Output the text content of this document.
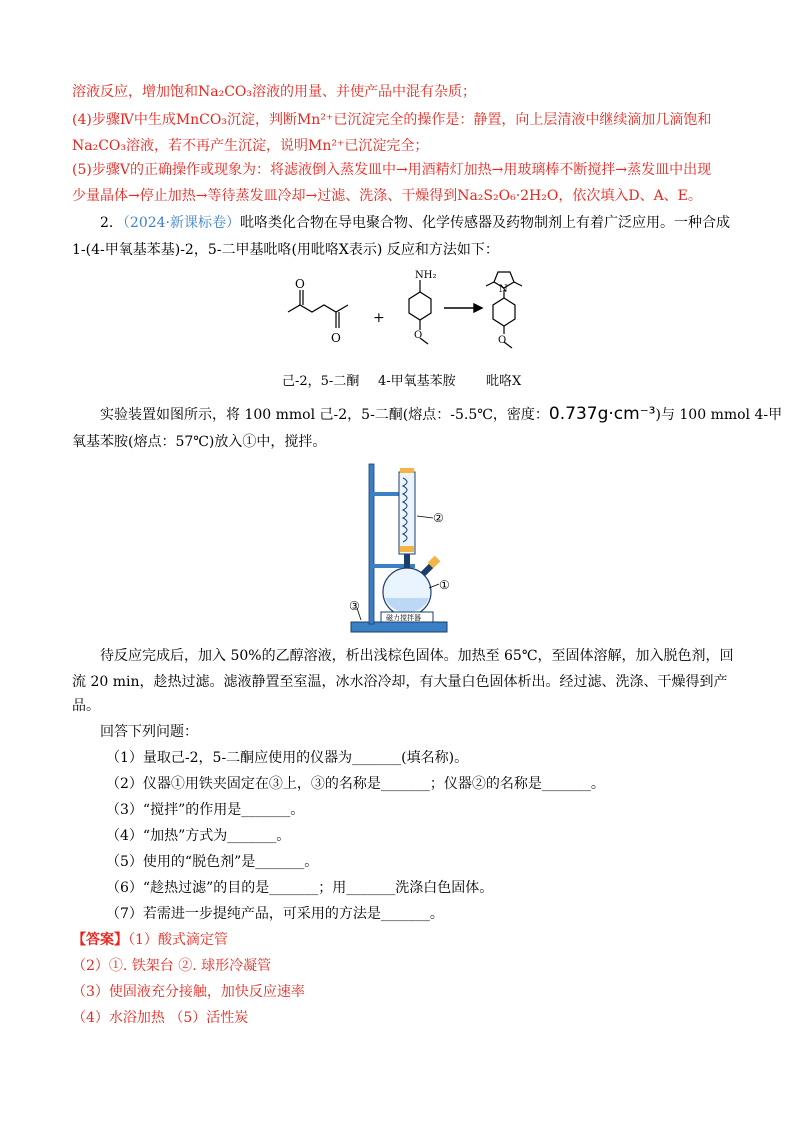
溶液反应，增加饱和Na₂CO₃溶液的用量、并使产品中混有杂质；
(4)步骤Ⅳ中生成MnCO₃沉淀，判断Mn²⁺已沉淀完全的操作是：静置，向上层清液中继续滴加几滴饱和
Na₂CO₃溶液，若不再产生沉淀，说明Mn²⁺已沉淀完全；
(5)步骤Ⅴ的正确操作或现象为：将滤液倒入蒸发皿中→用酒精灯加热→用玻璃棒不断搅拌→蒸发皿中出现
少量晶体→停止加热→等待蒸发皿冷却→过滤、洗涤、干燥得到Na₂S₂O₆·2H₂O，依次填入D、A、E。
2．（2024·新课标卷）吡咯类化合物在导电聚合物、化学传感器及药物制剂上有着广泛应用。一种合成
1-(4-甲氧基苯基)-2，5-二甲基吡咯(用吡咯X表示) 反应和方法如下：
O
O
+
NH₂
O
N
O
己-2，5-二酮 4-甲氧基苯胺 吡咯X
实验装置如图所示，将 100 mmol 己-2，5-二酮(熔点：-5.5℃，密度：0.737g·cm⁻³)与 100 mmol 4-甲
氧基苯胺(熔点：57℃)放入①中，搅拌。
磁力搅拌器
②
①
③
待反应完成后，加入 50%的乙醇溶液，析出浅棕色固体。加热至 65℃，至固体溶解，加入脱色剂，回
流 20 min，趁热过滤。滤液静置至室温，冰水浴冷却，有大量白色固体析出。经过滤、洗涤、干燥得到产
品。
回答下列问题：
（1）量取己-2，5-二酮应使用的仪器为_______(填名称)。
（2）仪器①用铁夹固定在③上，③的名称是_______；仪器②的名称是_______。
（3）“搅拌”的作用是_______。
（4）“加热”方式为_______。
（5）使用的“脱色剂”是_______。
（6）“趁热过滤”的目的是_______；用_______洗涤白色固体。
（7）若需进一步提纯产品，可采用的方法是_______。
【答案】（1）酸式滴定管
（2）①. 铁架台 ②. 球形冷凝管
（3）使固液充分接触，加快反应速率
（4）水浴加热 （5）活性炭
